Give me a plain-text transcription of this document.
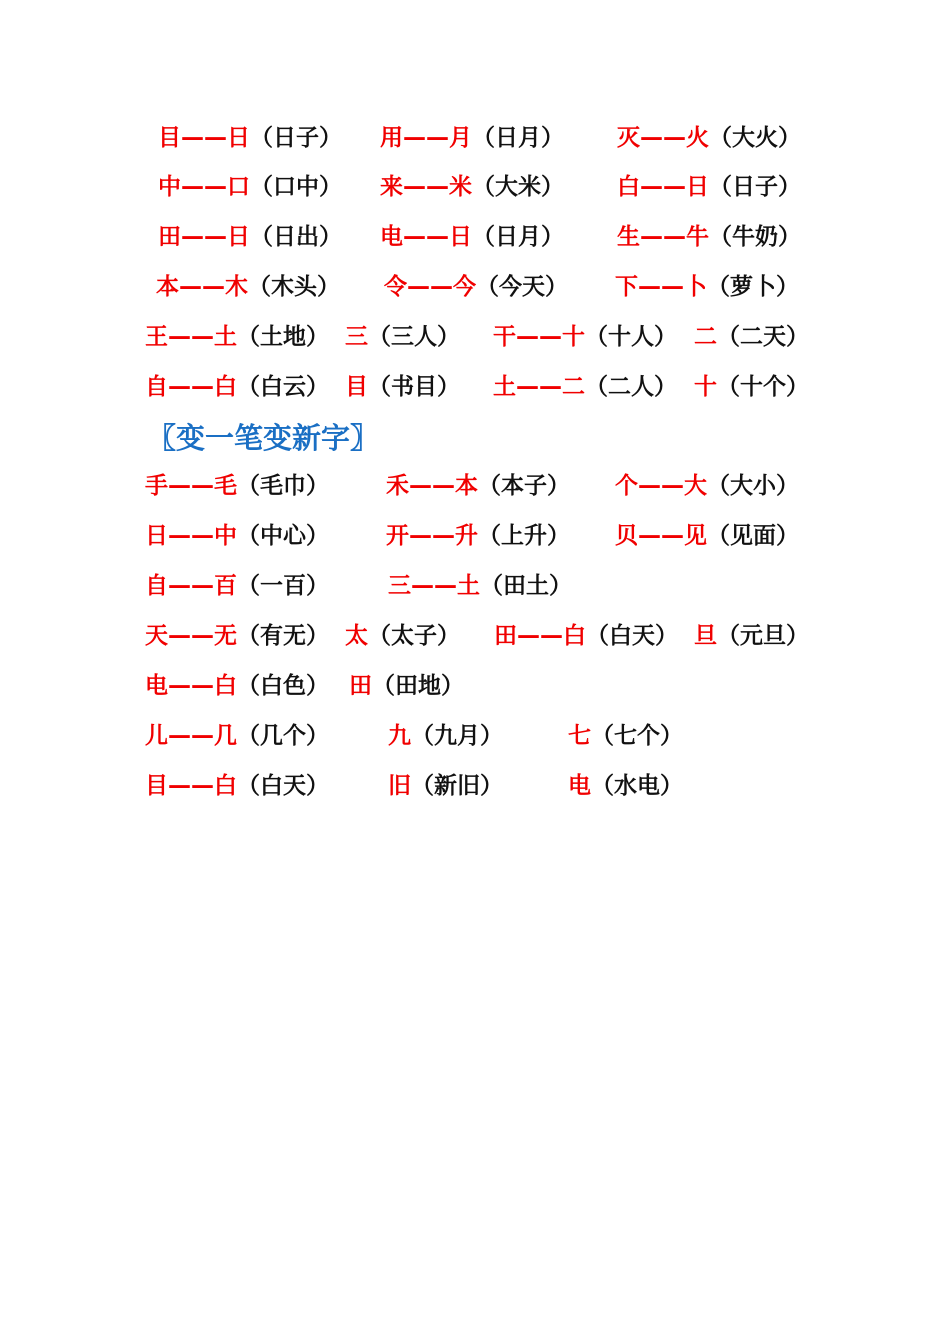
目——日 （日子） 用——月 （日月） 灭——火 （大火）
中——口 （口中） 来——米 （大米） 白——日 （日子）
田——日 （日出） 电——日 （日月） 生——牛 （牛奶）
本——木 （木头） 令——今 （今天） 下——卜 （萝卜）
王——土 （土地） 三 （三人） 干——十 （十人） 二 （二天）
自——白 （白云） 目 （书目） 土——二 （二人） 十 （十个）
〖变一笔变新字〗
手——毛 （毛巾） 禾——本 （本子） 个——大 （大小）
日——中 （中心） 开——升 （上升） 贝——见 （见面）
自——百 （一百）	三——土 （田土）
天——无 （有无） 太 （太子） 田——白 （白天） 旦 （元旦）
电——白 （白色） 田 （田地）
儿——几 （几个）	九 （九月）	七 （七个）
目——白 （白天）	旧 （新旧）	电 （水电）
